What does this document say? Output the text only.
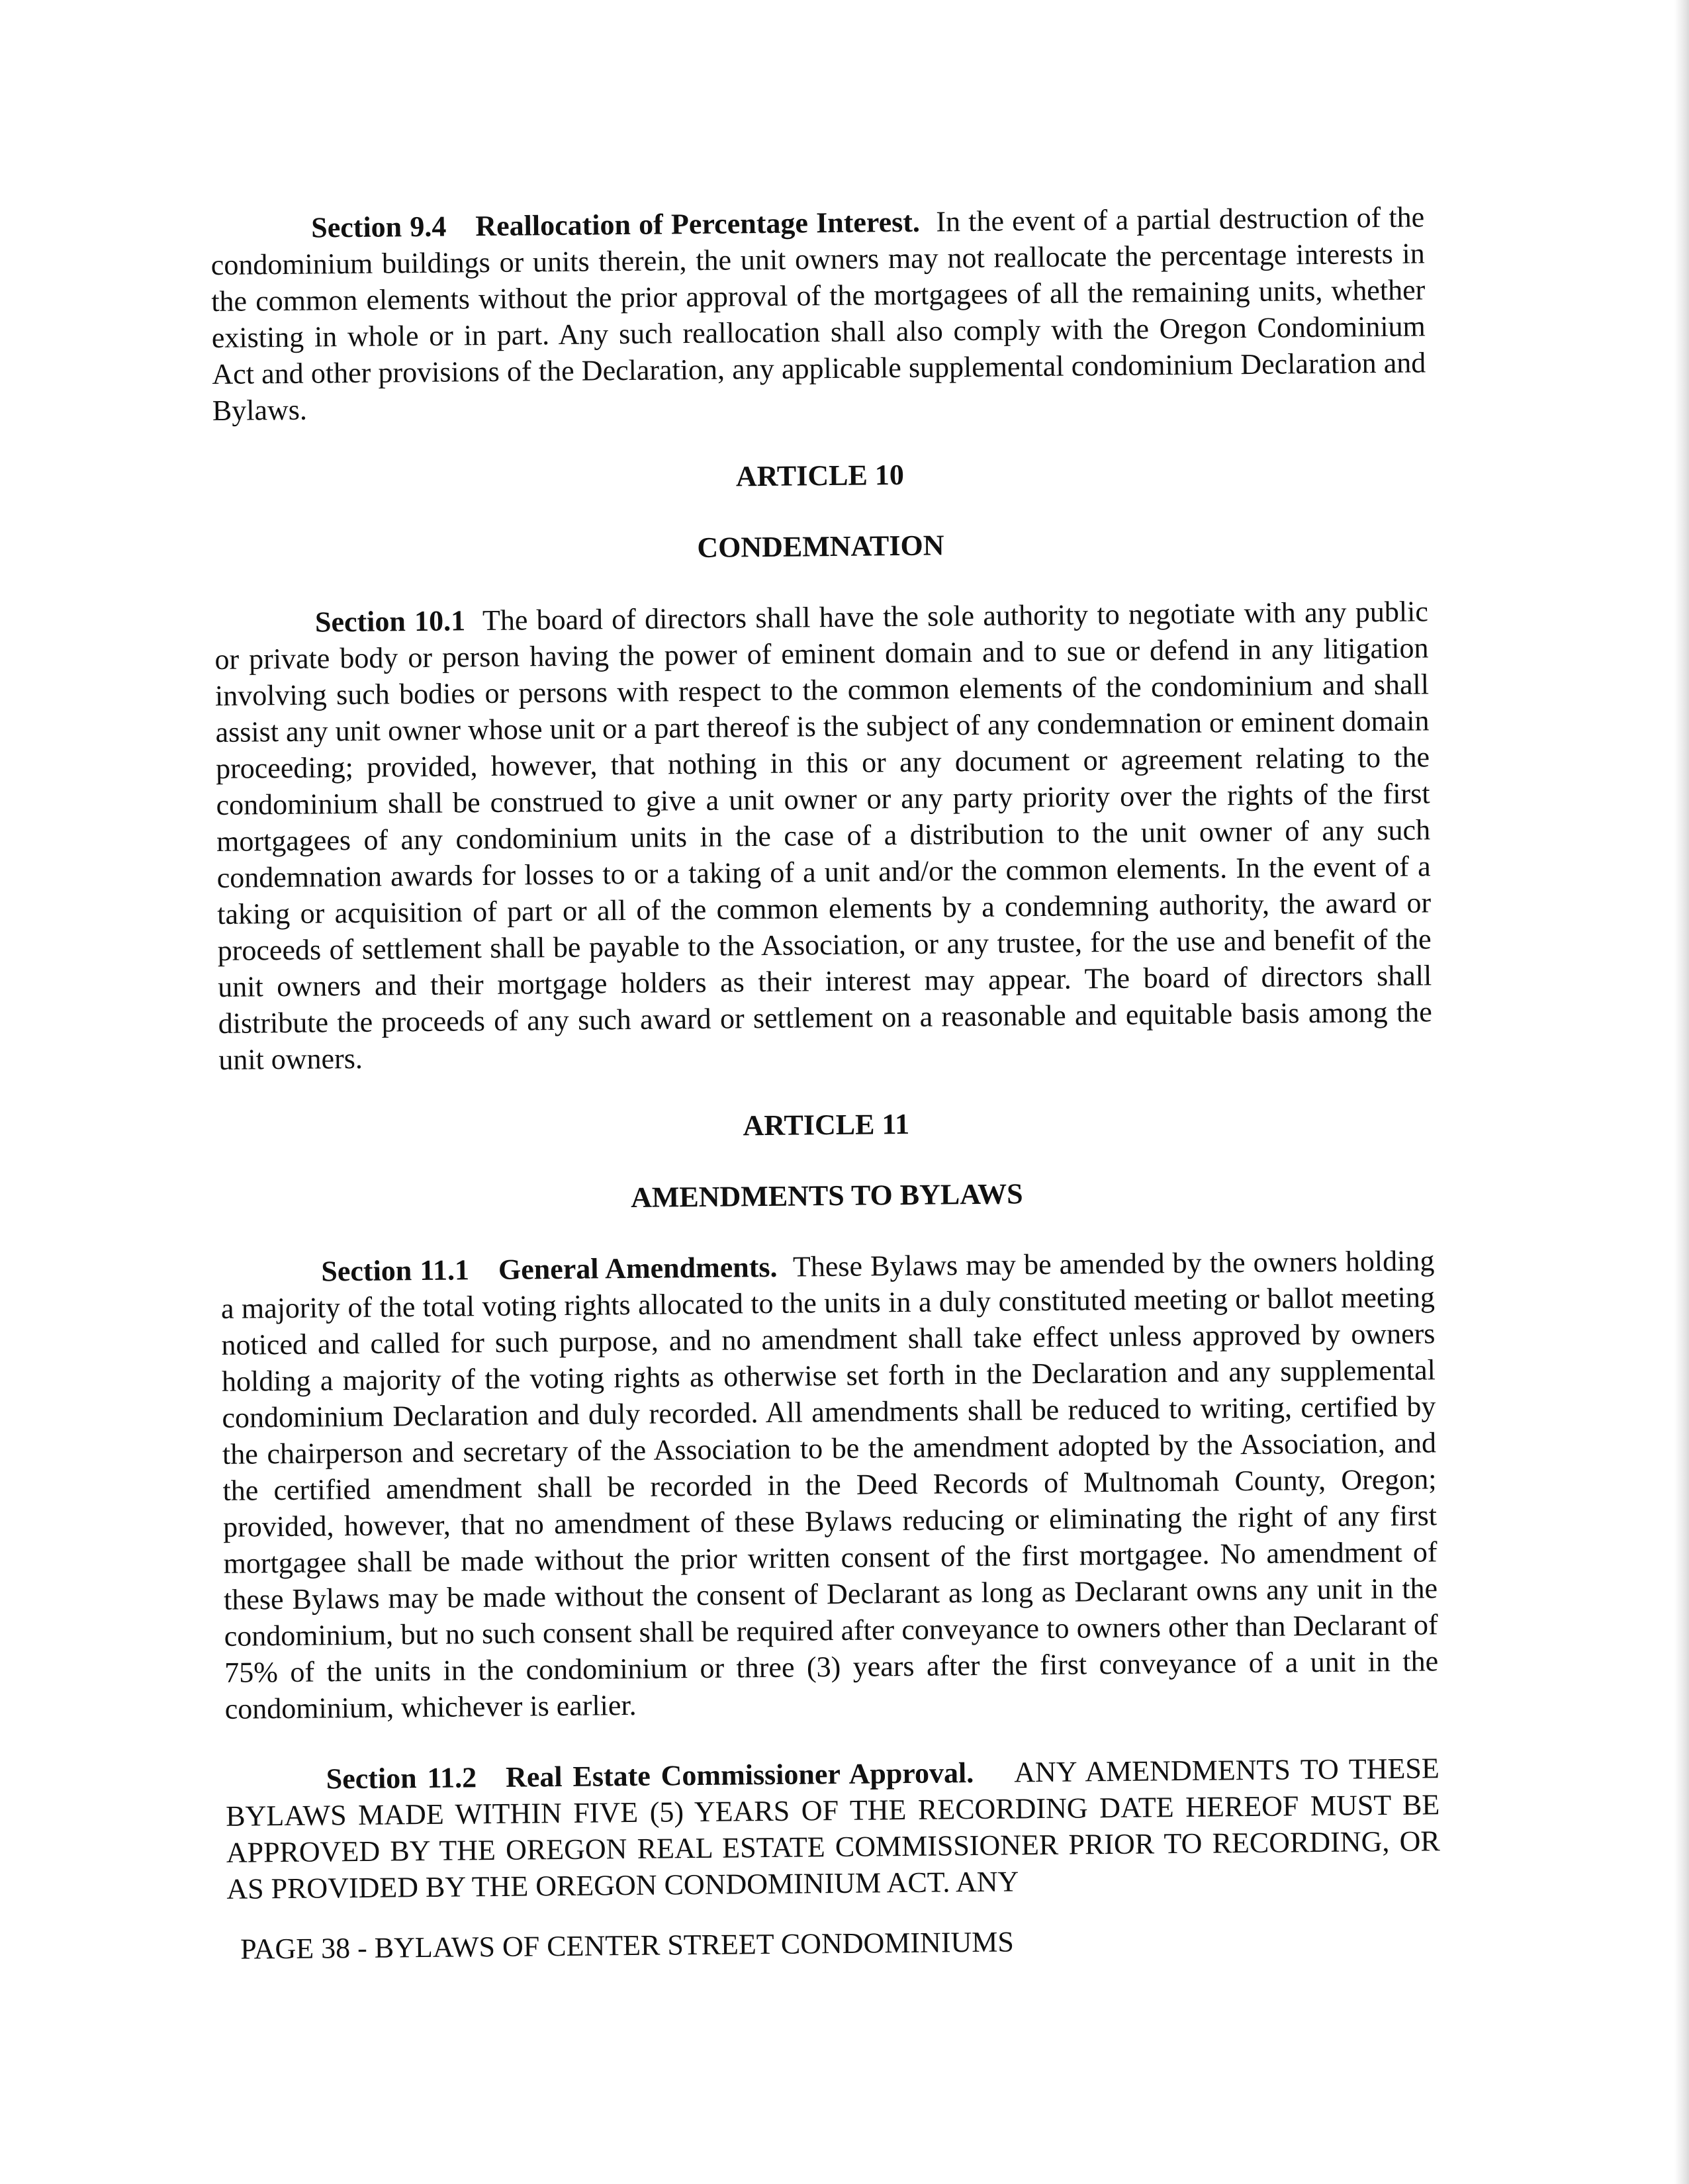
Section 9.4 Reallocation of Percentage Interest. In the event of a partial destruction of the condominium buildings or units therein, the unit owners may not reallocate the percentage interests in the common elements without the prior approval of the mortgagees of all the remaining units, whether existing in whole or in part. Any such reallocation shall also comply with the Oregon Condominium Act and other provisions of the Declaration, any applicable supplemental condominium Declaration and Bylaws.

ARTICLE 10

CONDEMNATION

Section 10.1 The board of directors shall have the sole authority to negotiate with any public or private body or person having the power of eminent domain and to sue or defend in any litigation involving such bodies or persons with respect to the common elements of the condominium and shall assist any unit owner whose unit or a part thereof is the subject of any condemnation or eminent domain proceeding; provided, however, that nothing in this or any document or agreement relating to the condominium shall be construed to give a unit owner or any party priority over the rights of the first mortgagees of any condominium units in the case of a distribution to the unit owner of any such condemnation awards for losses to or a taking of a unit and/or the common elements. In the event of a taking or acquisition of part or all of the common elements by a condemning authority, the award or proceeds of settlement shall be payable to the Association, or any trustee, for the use and benefit of the unit owners and their mortgage holders as their interest may appear. The board of directors shall distribute the proceeds of any such award or settlement on a reasonable and equitable basis among the unit owners.

ARTICLE 11

AMENDMENTS TO BYLAWS

Section 11.1 General Amendments. These Bylaws may be amended by the owners holding a majority of the total voting rights allocated to the units in a duly constituted meeting or ballot meeting noticed and called for such purpose, and no amendment shall take effect unless approved by owners holding a majority of the voting rights as otherwise set forth in the Declaration and any supplemental condominium Declaration and duly recorded. All amendments shall be reduced to writing, certified by the chairperson and secretary of the Association to be the amendment adopted by the Association, and the certified amendment shall be recorded in the Deed Records of Multnomah County, Oregon; provided, however, that no amendment of these Bylaws reducing or eliminating the right of any first mortgagee shall be made without the prior written consent of the first mortgagee. No amendment of these Bylaws may be made without the consent of Declarant as long as Declarant owns any unit in the condominium, but no such consent shall be required after conveyance to owners other than Declarant of 75% of the units in the condominium or three (3) years after the first conveyance of a unit in the condominium, whichever is earlier.

Section 11.2 Real Estate Commissioner Approval. ANY AMENDMENTS TO THESE BYLAWS MADE WITHIN FIVE (5) YEARS OF THE RECORDING DATE HEREOF MUST BE APPROVED BY THE OREGON REAL ESTATE COMMISSIONER PRIOR TO RECORDING, OR AS PROVIDED BY THE OREGON CONDOMINIUM ACT. ANY

PAGE 38 - BYLAWS OF CENTER STREET CONDOMINIUMS
